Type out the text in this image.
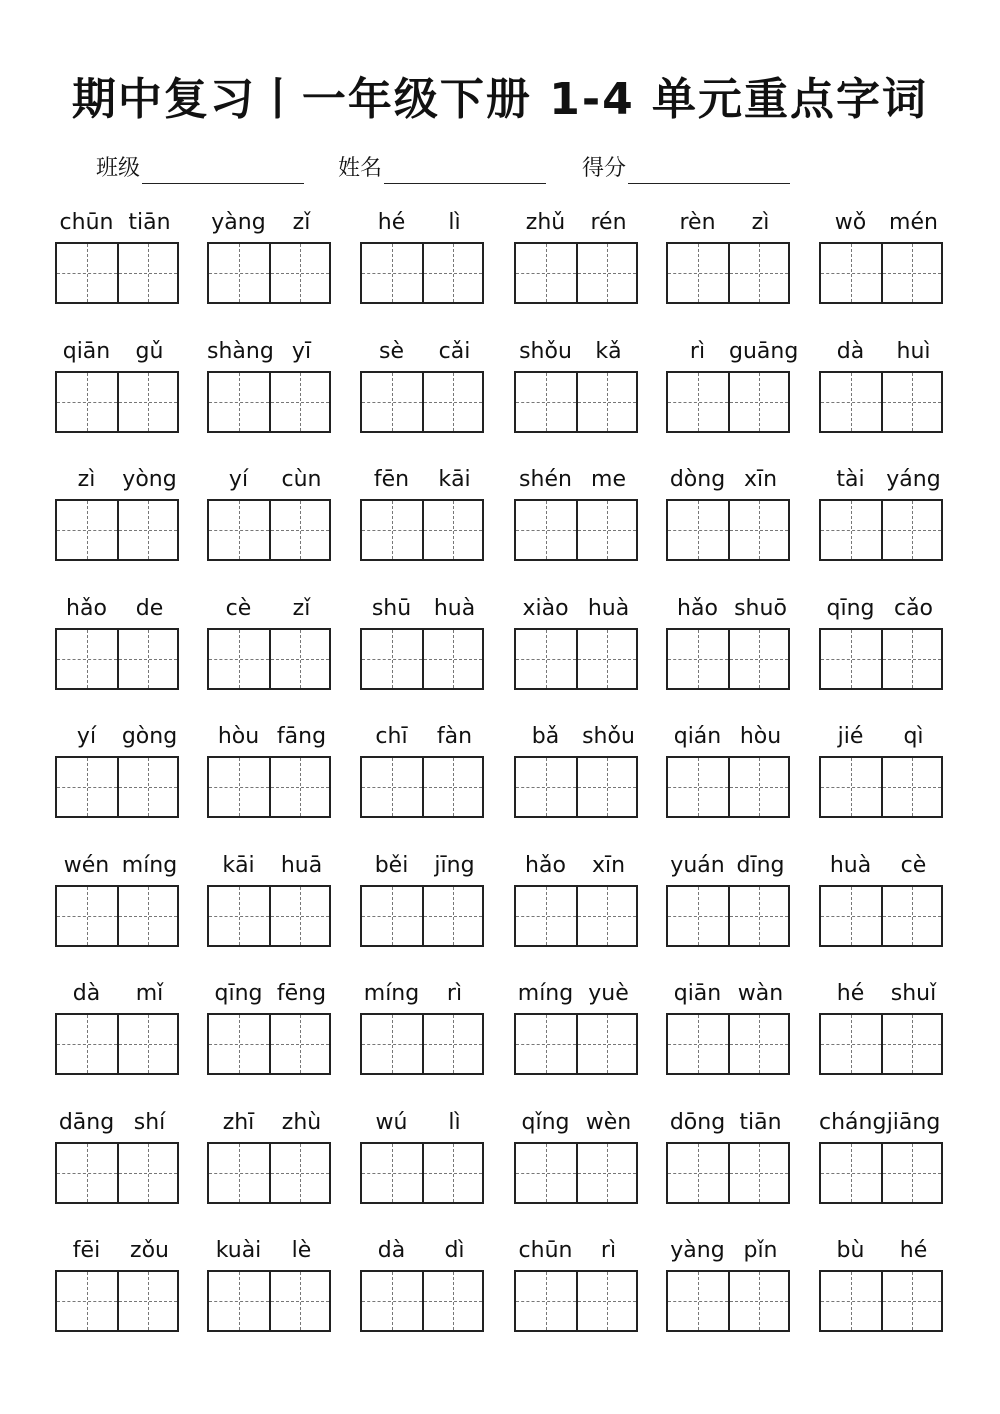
期中复习丨一年级下册 1-4 单元重点字词
班级	姓名	得分
chūn tiān	yàng	zǐ	hé	lì	zhǔ	rén	rèn	zì	wǒ	mén
qiān	gǔ	shàng yī	sè	cǎi	shǒu	kǎ	rì	guāng	dà	huì
zì	yòng	yí	cùn	fēn	kāi	shén me	dòng xīn	tài yáng
hǎo	de	cè	zǐ	shū	huà	xiào huà	hǎo shuō	qīng cǎo
yí	gòng	hòu fāng	chī	fàn	bǎ	shǒu	qián hòu	jié	qì
wén míng	kāi	huā	běi	jīng	hǎo	xīn	yuán dīng	huà	cè
dà	mǐ	qīng fēng	míng	rì	míng yuè	qiān wàn	hé	shuǐ
dāng shí	zhī	zhù	wú	lì	qǐng wèn	dōng tiān	cháng jiāng
fēi	zǒu	kuài	lè	dà	dì	chūn	rì	yàng pǐn	bù	hé
